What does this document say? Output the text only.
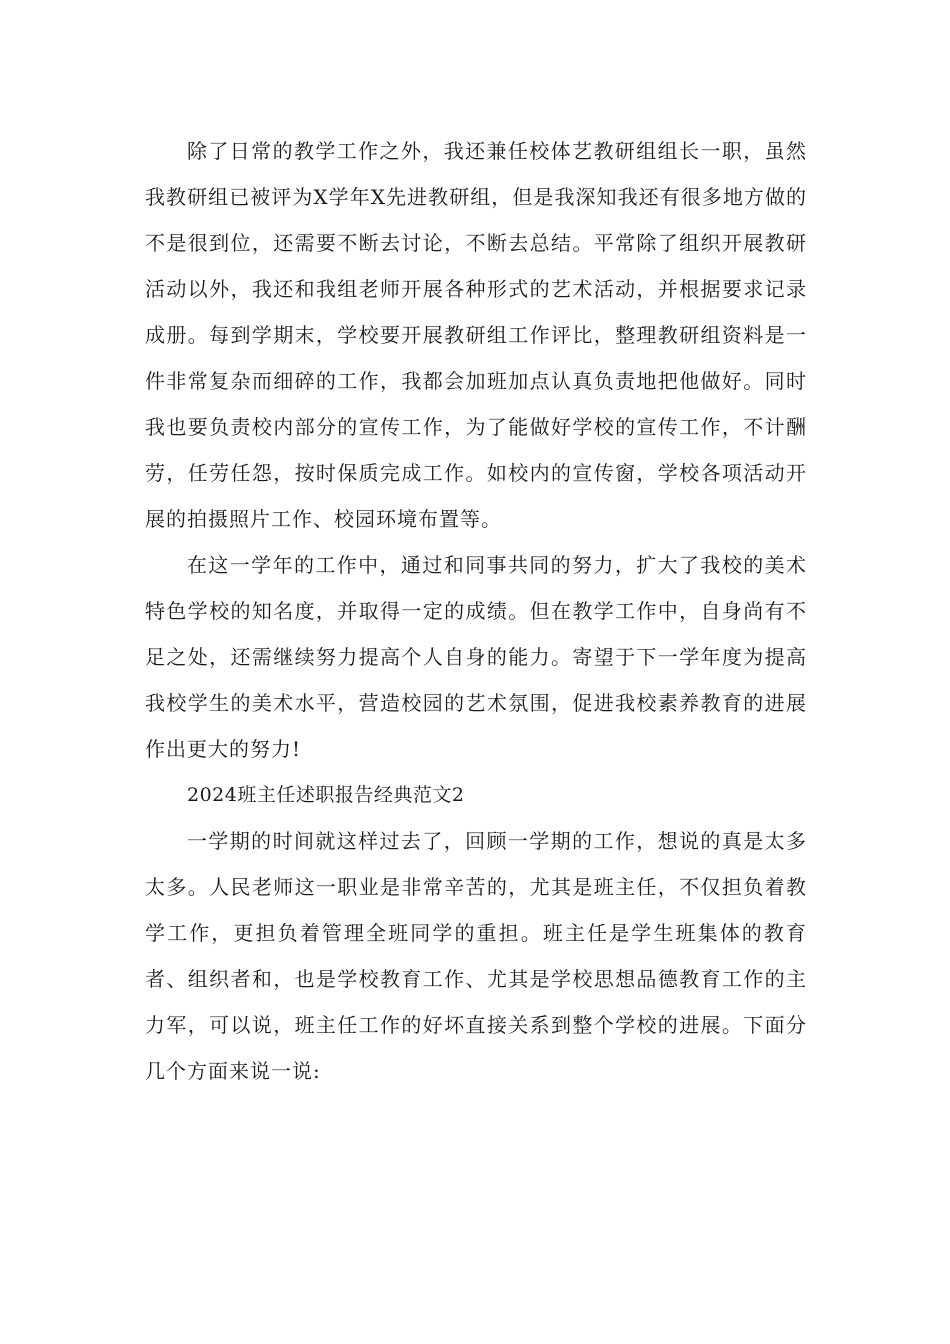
除了日常的教学工作之外，我还兼任校体艺教研组组长一职，虽然我教研组已被评为X学年X先进教研组，但是我深知我还有很多地方做的不是很到位，还需要不断去讨论，不断去总结。平常除了组织开展教研活动以外，我还和我组老师开展各种形式的艺术活动，并根据要求记录成册。每到学期末，学校要开展教研组工作评比，整理教研组资料是一件非常复杂而细碎的工作，我都会加班加点认真负责地把他做好。同时我也要负责校内部分的宣传工作，为了能做好学校的宣传工作，不计酬劳，任劳任怨，按时保质完成工作。如校内的宣传窗，学校各项活动开展的拍摄照片工作、校园环境布置等。

在这一学年的工作中，通过和同事共同的努力，扩大了我校的美术特色学校的知名度，并取得一定的成绩。但在教学工作中，自身尚有不足之处，还需继续努力提高个人自身的能力。寄望于下一学年度为提高我校学生的美术水平，营造校园的艺术氛围，促进我校素养教育的进展作出更大的努力!

2024班主任述职报告经典范文2

一学期的时间就这样过去了，回顾一学期的工作，想说的真是太多太多。人民老师这一职业是非常辛苦的，尤其是班主任，不仅担负着教学工作，更担负着管理全班同学的重担。班主任是学生班集体的教育者、组织者和，也是学校教育工作、尤其是学校思想品德教育工作的主力军，可以说，班主任工作的好坏直接关系到整个学校的进展。下面分几个方面来说一说:
